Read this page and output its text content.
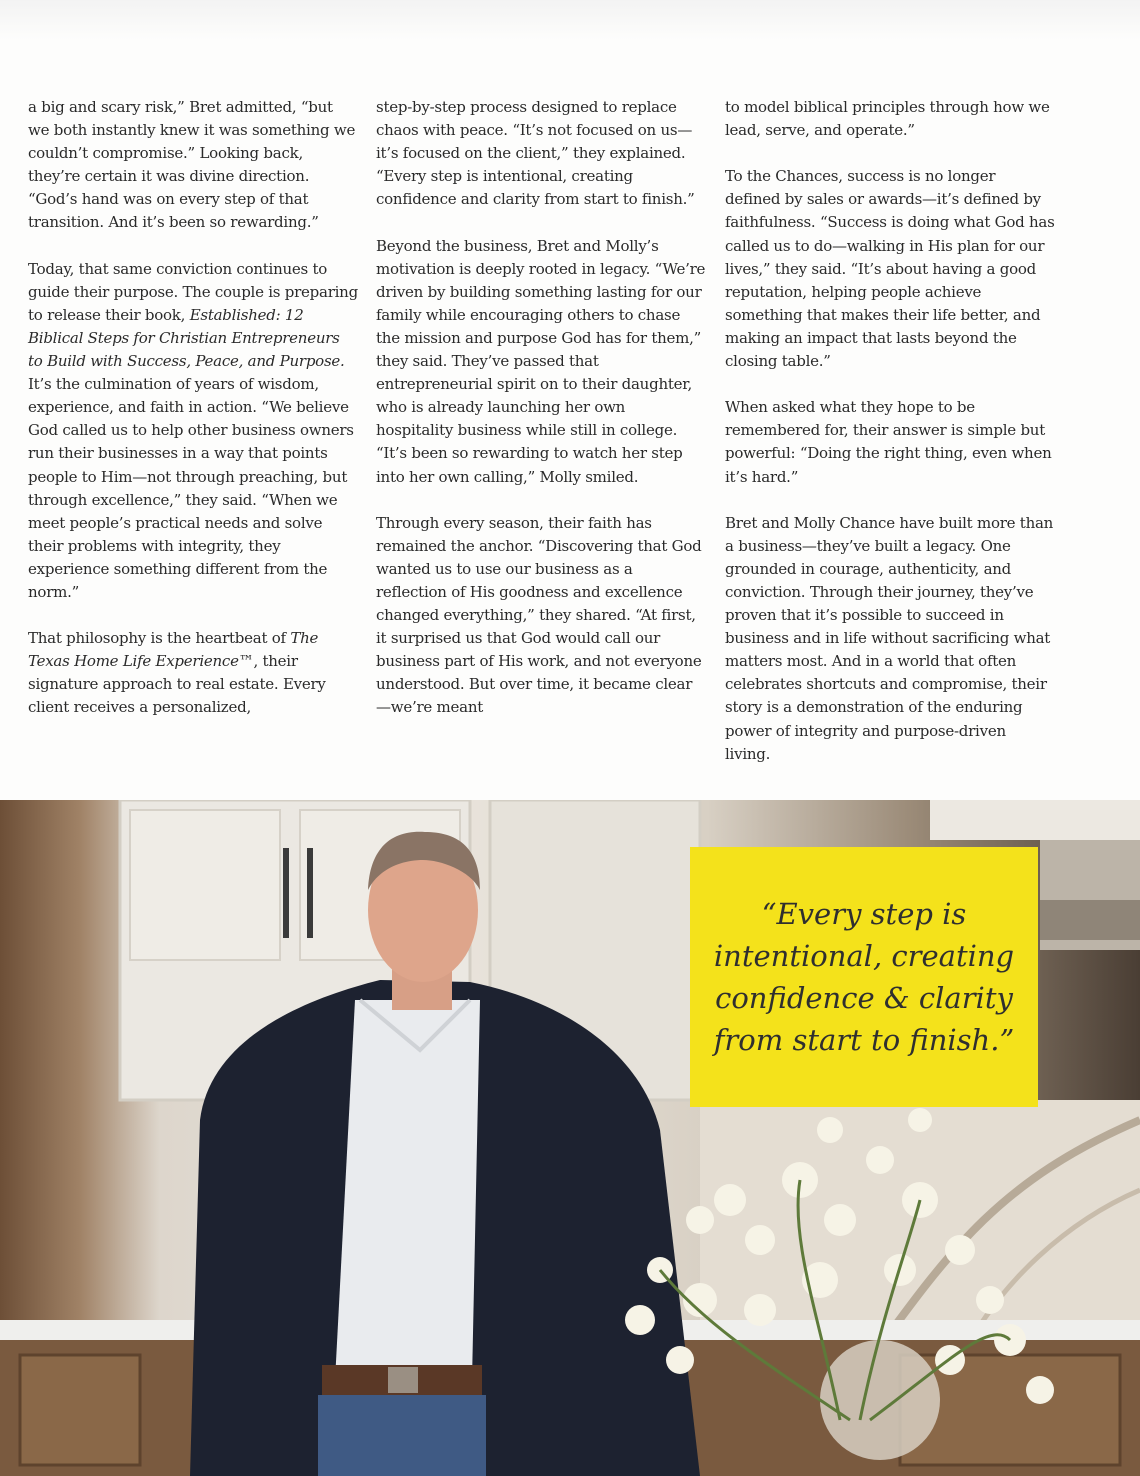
a big and scary risk,” Bret admitted, “but we both instantly knew it was something we couldn’t compromise.” Looking back, they’re certain it was divine direction. “God’s hand was on every step of that transition. And it’s been so rewarding.”

Today, that same conviction continues to guide their purpose. The couple is preparing to release their book, Established: 12 Biblical Steps for Christian Entrepreneurs to Build with Success, Peace, and Purpose. It’s the culmination of years of wisdom, experience, and faith in action. “We believe God called us to help other business owners run their businesses in a way that points people to Him—not through preaching, but through excellence,” they said. “When we meet people’s practical needs and solve their problems with integrity, they experience something different from the norm.”

That philosophy is the heartbeat of The Texas Home Life Experience™, their signature approach to real estate. Every client receives a personalized,

step-by-step process designed to replace chaos with peace. “It’s not focused on us—it’s focused on the client,” they explained. “Every step is intentional, creating confidence and clarity from start to finish.”

Beyond the business, Bret and Molly’s motivation is deeply rooted in legacy. “We’re driven by building something lasting for our family while encouraging others to chase the mission and purpose God has for them,” they said. They’ve passed that entrepreneurial spirit on to their daughter, who is already launching her own hospitality business while still in college. “It’s been so rewarding to watch her step into her own calling,” Molly smiled.

Through every season, their faith has remained the anchor. “Discovering that God wanted us to use our business as a reflection of His goodness and excellence changed everything,” they shared. “At first, it surprised us that God would call our business part of His work, and not everyone understood. But over time, it became clear—we’re meant

to model biblical principles through how we lead, serve, and operate.”

To the Chances, success is no longer defined by sales or awards—it’s defined by faithfulness. “Success is doing what God has called us to do—walking in His plan for our lives,” they said. “It’s about having a good reputation, helping people achieve something that makes their life better, and making an impact that lasts beyond the closing table.”

When asked what they hope to be remembered for, their answer is simple but powerful: “Doing the right thing, even when it’s hard.”

Bret and Molly Chance have built more than a business—they’ve built a legacy. One grounded in courage, authenticity, and conviction. Through their journey, they’ve proven that it’s possible to succeed in business and in life without sacrificing what matters most. And in a world that often celebrates shortcuts and compromise, their story is a demonstration of the enduring power of integrity and purpose-driven living.

“Every step is intentional, creating confidence & clarity from start to finish.”
